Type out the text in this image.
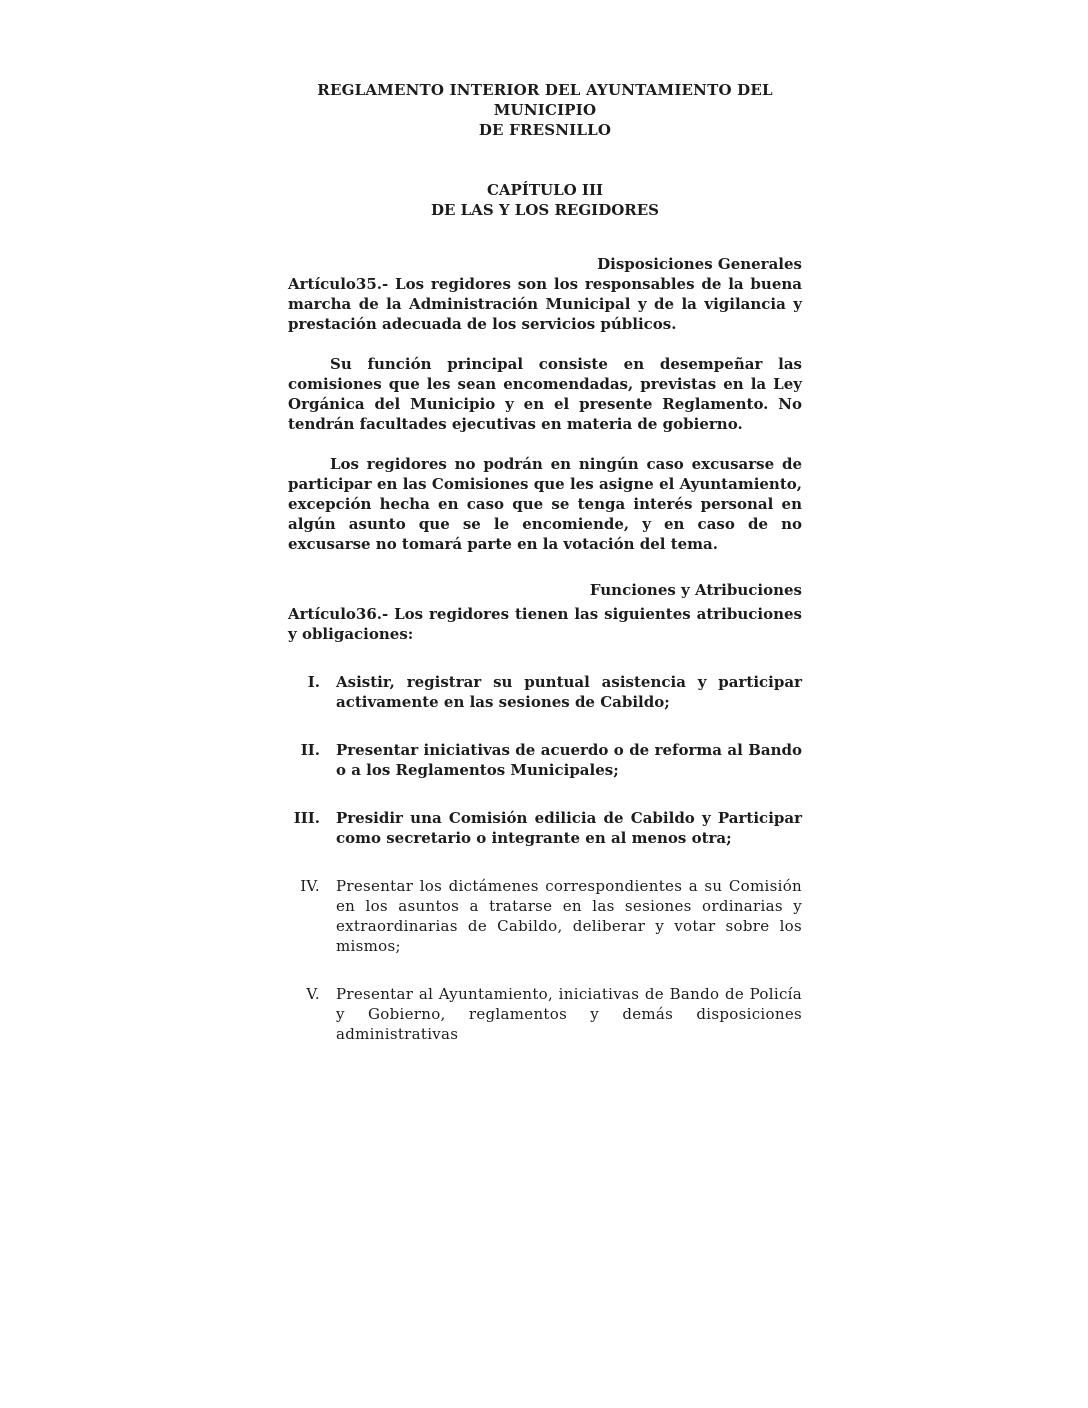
REGLAMENTO INTERIOR DEL AYUNTAMIENTO DEL MUNICIPIO
DE FRESNILLO
CAPÍTULO III
DE LAS Y LOS REGIDORES
Disposiciones Generales

Artículo35.- Los regidores son los responsables de la buena marcha de la Administración Municipal y de la vigilancia y prestación adecuada de los servicios públicos.

Su función principal consiste en desempeñar las comisiones que les sean encomendadas, previstas en la Ley Orgánica del Municipio y en el presente Reglamento. No tendrán facultades ejecutivas en materia de gobierno.

Los regidores no podrán en ningún caso excusarse de participar en las Comisiones que les asigne el Ayuntamiento, excepción hecha en caso que se tenga interés personal en algún asunto que se le encomiende, y en caso de no excusarse no tomará parte en la votación del tema.

Funciones y Atribuciones

Artículo36.- Los regidores tienen las siguientes atribuciones y obligaciones:

I. Asistir, registrar su puntual asistencia y participar activamente en las sesiones de Cabildo;
II. Presentar iniciativas de acuerdo o de reforma al Bando o a los Reglamentos Municipales;
III. Presidir una Comisión edilicia de Cabildo y Participar como secretario o integrante en al menos otra;
IV. Presentar los dictámenes correspondientes a su Comisión en los asuntos a tratarse en las sesiones ordinarias y extraordinarias de Cabildo, deliberar y votar sobre los mismos;
V. Presentar al Ayuntamiento, iniciativas de Bando de Policía y Gobierno, reglamentos y demás disposiciones administrativas
